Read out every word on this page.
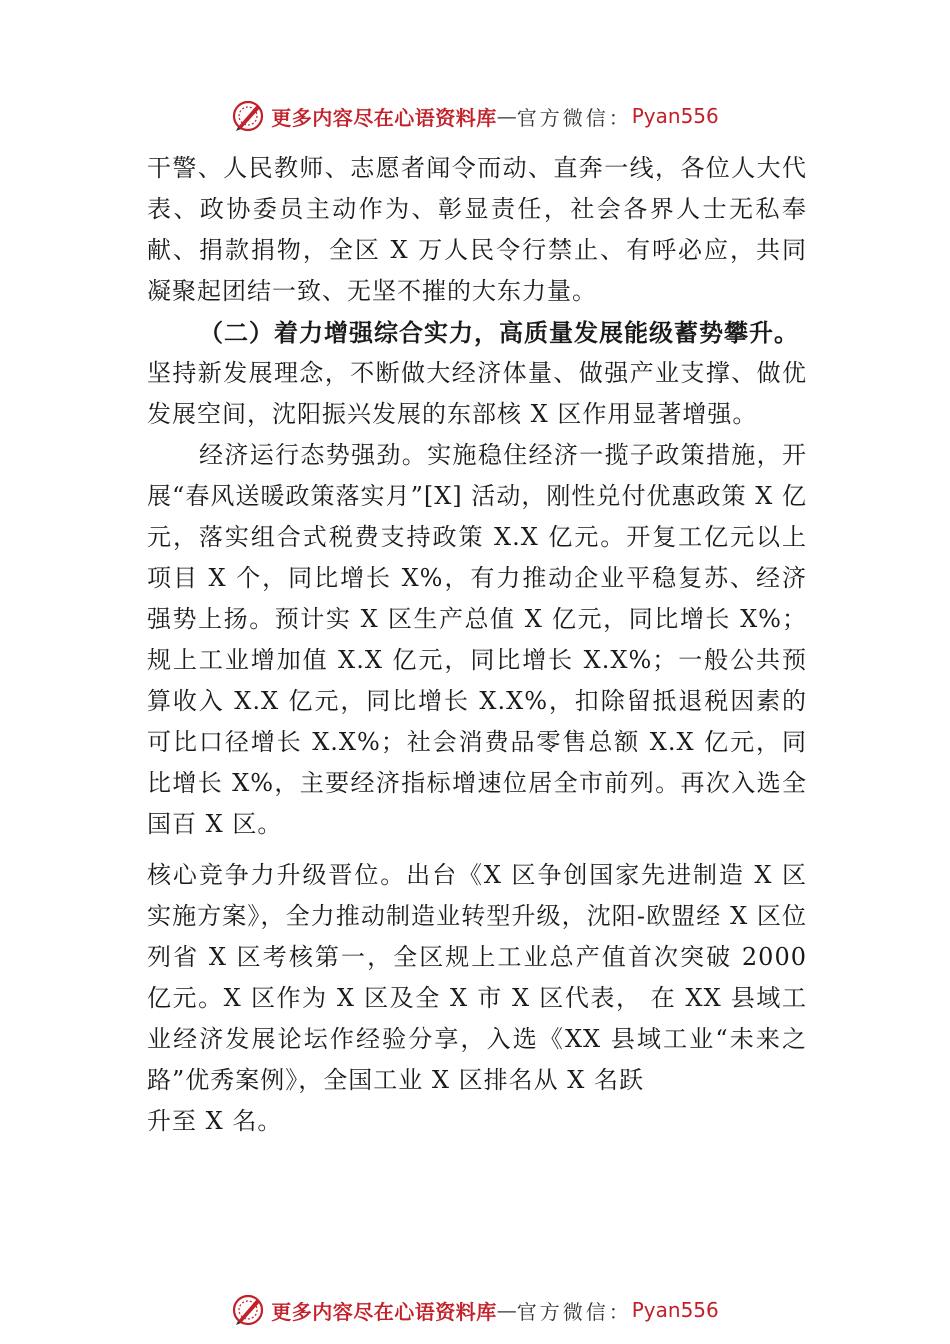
更多内容尽在心语资料库 — 官方微信： Pyan556

干警、人民教师、志愿者闻令而动、直奔一线，各位人大代表、政协委员主动作为、彰显责任，社会各界人士无私奉献、捐款捐物，全区 X 万人民令行禁止、有呼必应，共同凝聚起团结一致、无坚不摧的大东力量。

（二）着力增强综合实力，高质量发展能级蓄势攀升。

坚持新发展理念，不断做大经济体量、做强产业支撑、做优发展空间，沈阳振兴发展的东部核 X 区作用显著增强。

经济运行态势强劲。实施稳住经济一揽子政策措施，开展“春风送暖政策落实月”[X] 活动，刚性兑付优惠政策 X 亿元，落实组合式税费支持政策 X.X 亿元。开复工亿元以上项目 X 个，同比增长 X%，有力推动企业平稳复苏、经济强势上扬。预计实 X 区生产总值 X 亿元，同比增长 X%；规上工业增加值 X.X 亿元，同比增长 X.X%；一般公共预算收入 X.X 亿元，同比增长 X.X%，扣除留抵退税因素的可比口径增长 X.X%；社会消费品零售总额 X.X 亿元，同比增长 X%，主要经济指标增速位居全市前列。再次入选全国百 X 区。

核心竞争力升级晋位。出台《X 区争创国家先进制造 X 区实施方案》，全力推动制造业转型升级，沈阳-欧盟经 X 区位列省 X 区考核第一，全区规上工业总产值首次突破 2000 亿元。X 区作为 X 区及全 X 市 X 区代表， 在 XX 县域工业经济发展论坛作经验分享，入选《XX 县域工业“未来之路”优秀案例》，全国工业 X 区排名从 X 名跃

升至 X 名。

更多内容尽在心语资料库 — 官方微信： Pyan556
